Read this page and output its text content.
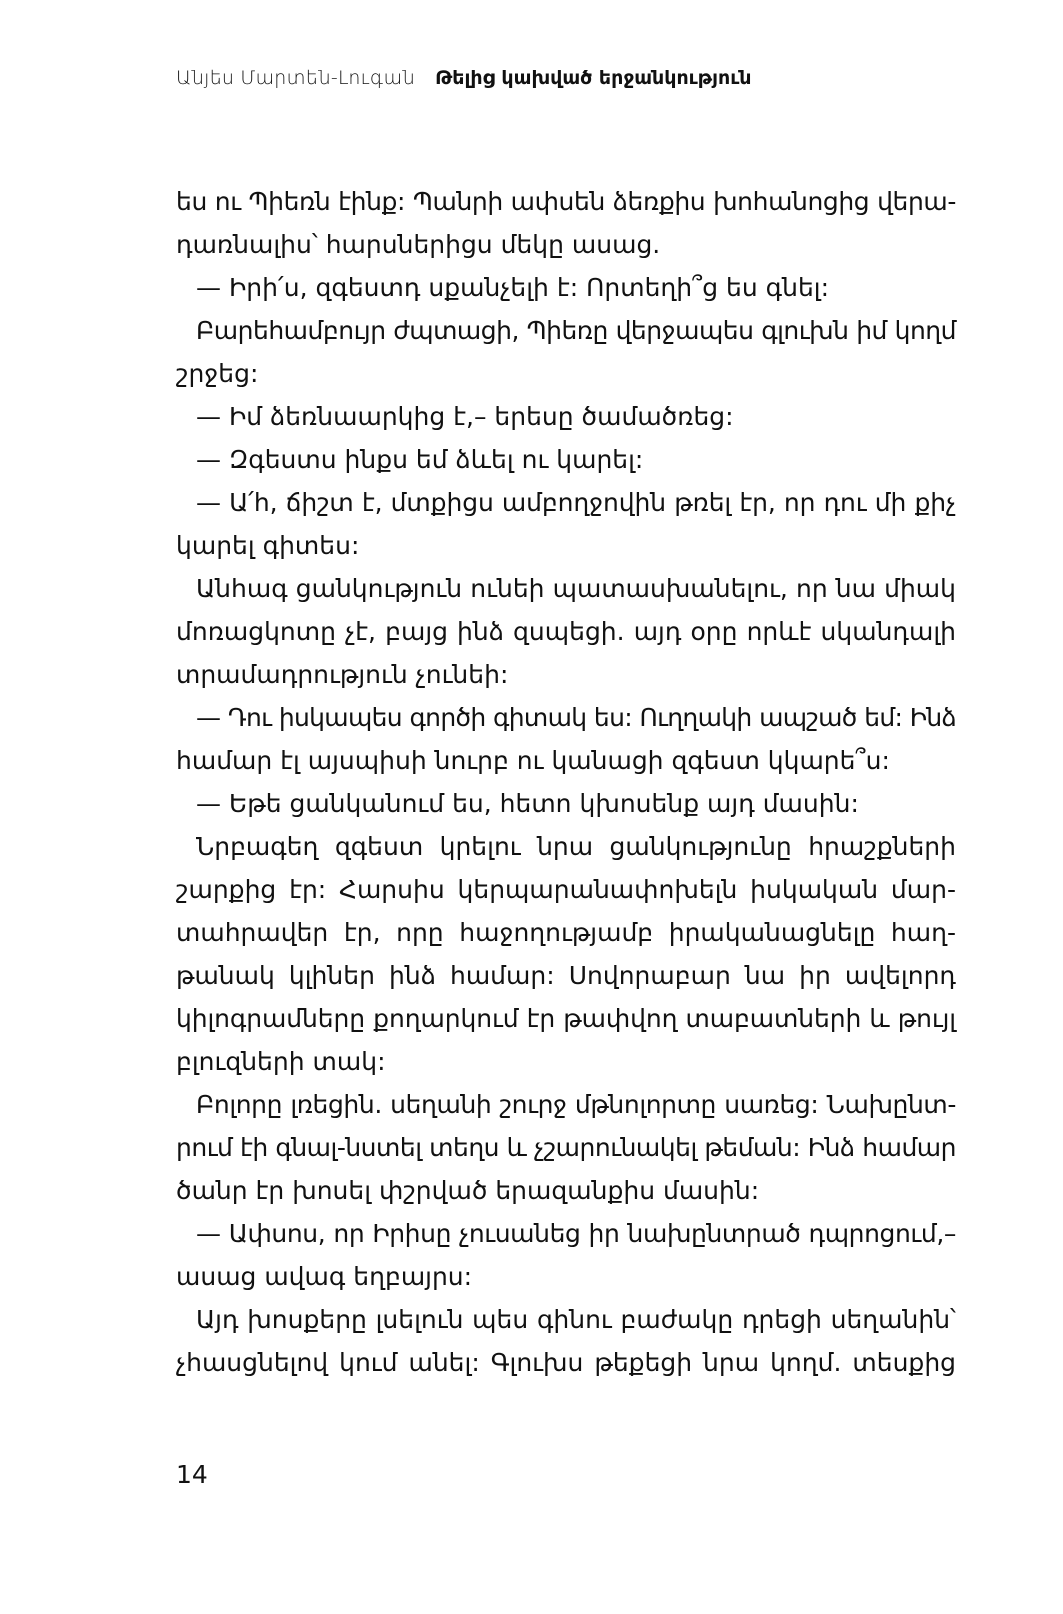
Անյես Մարտեն-Լուգան Թելից կախված երջանկություն
ես ու Պիեռն էինք: Պանրի ափսեն ձեռքիս խոհանոցից վերա-
դառնալիս՝ հարսներիցս մեկը ասաց.
— Իրի՛ս, զգեստդ սքանչելի է: Որտեղի՞ց ես գնել:
Բարեհամբույր ժպտացի, Պիեռը վերջապես գլուխն իմ կողմ
շրջեց:
— Իմ ձեռնաարկից է,– երեսը ծամածռեց:
— Զգեստս ինքս եմ ձևել ու կարել:
— Ա՛հ, ճիշտ է, մտքիցս ամբողջովին թռել էր, որ դու մի քիչ
կարել գիտես:
Անհագ ցանկություն ունեի պատասխանելու, որ նա միակ
մոռացկոտը չէ, բայց ինձ զսպեցի. այդ օրը որևէ սկանդալի
տրամադրություն չունեի:
— Դու իսկապես գործի գիտակ ես: Ուղղակի ապշած եմ: Ինձ
համար էլ այսպիսի նուրբ ու կանացի զգեստ կկարե՞ս:
— Եթե ցանկանում ես, հետո կխոսենք այդ մասին:
Նրբագեղ զգեստ կրելու նրա ցանկությունը հրաշքների
շարքից էր: Հարսիս կերպարանափոխելն իսկական մար-
տահրավեր էր, որը հաջողությամբ իրականացնելը հաղ-
թանակ կլիներ ինձ համար: Սովորաբար նա իր ավելորդ
կիլոգրամները քողարկում էր թափվող տաբատների և թույլ
բլուզների տակ:
Բոլորը լռեցին. սեղանի շուրջ մթնոլորտը սառեց: Նախընտ-
րում էի գնալ-նստել տեղս և չշարունակել թեման: Ինձ համար
ծանր էր խոսել փշրված երազանքիս մասին:
— Ափսոս, որ Իրիսը չուսանեց իր նախընտրած դպրոցում,–
ասաց ավագ եղբայրս:
Այդ խոսքերը լսելուն պես գինու բաժակը դրեցի սեղանին՝
չհասցնելով կում անել: Գլուխս թեքեցի նրա կողմ. տեսքից
14
